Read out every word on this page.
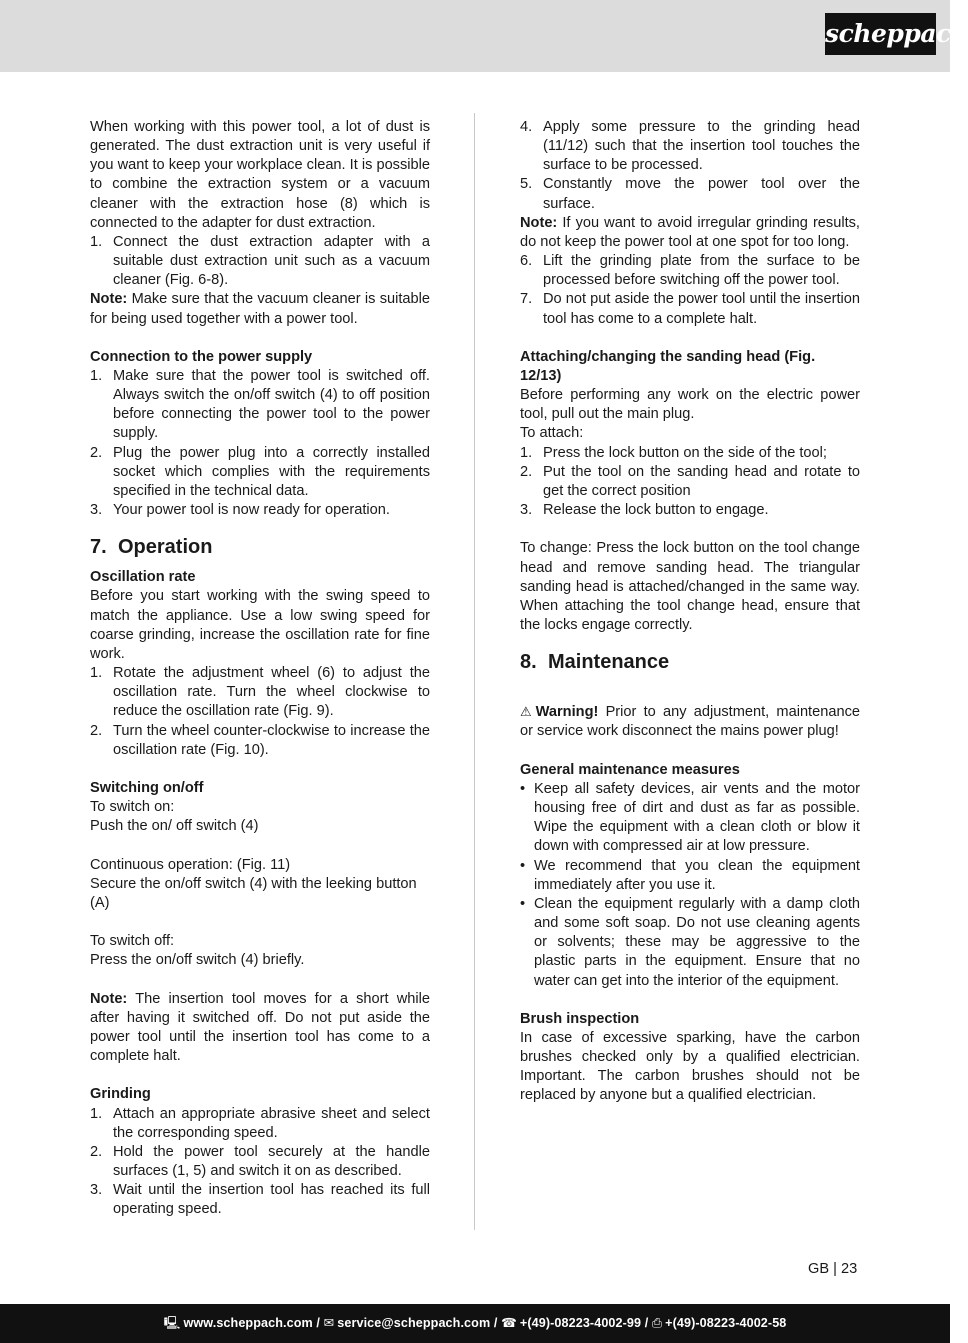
scheppach

When working with this power tool, a lot of dust is generated. The dust extraction unit is very useful if you want to keep your workplace clean. It is possible to combine the extraction system or a vacuum cleaner with the extraction hose (8) which is connected to the adapter for dust extraction.

1. Connect the dust extraction adapter with a suitable dust extraction unit such as a vacuum cleaner (Fig. 6-8).

Note: Make sure that the vacuum cleaner is suitable for being used together with a power tool.

Connection to the power supply

1. Make sure that the power tool is switched off. Always switch the on/off switch (4) to off position before connecting the power tool to the power supply.
2. Plug the power plug into a correctly installed socket which complies with the requirements specified in the technical data.
3. Your power tool is now ready for operation.

7. Operation

Oscillation rate

Before you start working with the swing speed to match the appliance. Use a low swing speed for coarse grinding, increase the oscillation rate for fine work.

1. Rotate the adjustment wheel (6) to adjust the oscillation rate. Turn the wheel clockwise to reduce the oscillation rate (Fig. 9).
2. Turn the wheel counter-clockwise to increase the oscillation rate (Fig. 10).

Switching on/off

To switch on:

Push the on/ off switch (4)

Continuous operation: (Fig. 11)

Secure the on/off switch (4) with the leeking button (A)

To switch off:

Press the on/off switch (4) briefly.

Note: The insertion tool moves for a short while after having it switched off. Do not put aside the power tool until the insertion tool has come to a complete halt.

Grinding

1. Attach an appropriate abrasive sheet and select the corresponding speed.
2. Hold the power tool securely at the handle surfaces (1, 5) and switch it on as described.
3. Wait until the insertion tool has reached its full operating speed.
4. Apply some pressure to the grinding head (11/12) such that the insertion tool touches the surface to be processed.
5. Constantly move the power tool over the surface.

Note: If you want to avoid irregular grinding results, do not keep the power tool at one spot for too long.

6. Lift the grinding plate from the surface to be processed before switching off the power tool.
7. Do not put aside the power tool until the insertion tool has come to a complete halt.

Attaching/changing the sanding head (Fig. 12/13)

Before performing any work on the electric power tool, pull out the main plug.

To attach:

1. Press the lock button on the side of the tool;
2. Put the tool on the sanding head and rotate to get the correct position
3. Release the lock button to engage.

To change: Press the lock button on the tool change head and remove sanding head. The triangular sanding head is attached/changed in the same way. When attaching the tool change head, ensure that the locks engage correctly.

8. Maintenance

⚠ Warning! Prior to any adjustment, maintenance or service work disconnect the mains power plug!

General maintenance measures

• Keep all safety devices, air vents and the motor housing free of dirt and dust as far as possible. Wipe the equipment with a clean cloth or blow it down with compressed air at low pressure.
• We recommend that you clean the equipment immediately after you use it.
• Clean the equipment regularly with a damp cloth and some soft soap. Do not use cleaning agents or solvents; these may be aggressive to the plastic parts in the equipment. Ensure that no water can get into the interior of the equipment.

Brush inspection

In case of excessive sparking, have the carbon brushes checked only by a qualified electrician. Important. The carbon brushes should not be replaced by anyone but a qualified electrician.

GB | 23
🖳︎ www.scheppach.com / ✉︎ service@scheppach.com / ☎︎ +(49)-08223-4002-99 / ⎙ +(49)-08223-4002-58
